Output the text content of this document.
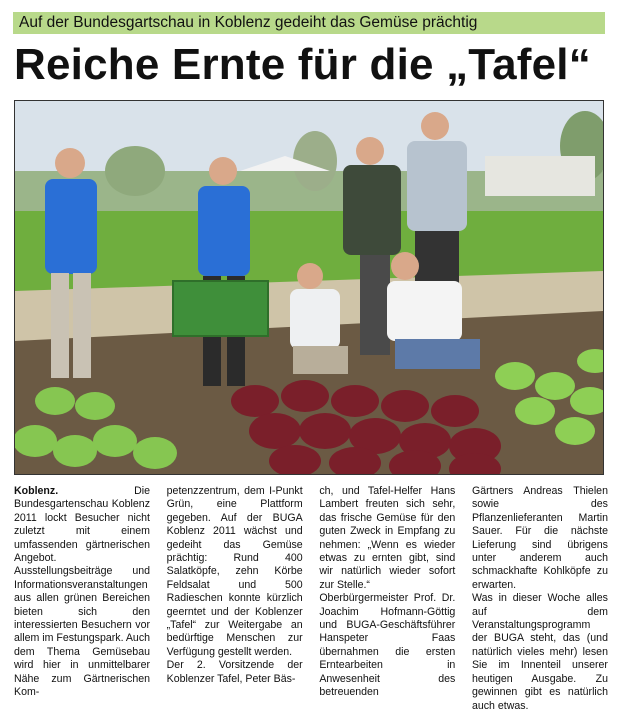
Auf der Bundesgartschau in Koblenz gedeiht das Gemüse prächtig
Reiche Ernte für die „Tafel“

Koblenz. Die Bundesgartenschau Koblenz 2011 lockt Besucher nicht zuletzt mit einem umfassenden gärtnerischen Angebot. Ausstellungsbeiträge und Informationsveranstaltungen aus allen grünen Bereichen bieten sich den interessierten Besuchern vor allem im Festungspark. Auch dem Thema Gemüsebau wird hier in unmittelbarer Nähe zum Gärtnerischen Kom-

petenzzentrum, dem I-Punkt Grün, eine Plattform gegeben. Auf der BUGA Koblenz 2011 wächst und gedeiht das Gemüse prächtig: Rund 400 Salatköpfe, zehn Körbe Feldsalat und 500 Radieschen konnte kürzlich geerntet und der Koblenzer „Tafel“ zur Weitergabe an bedürftige Menschen zur Verfügung gestellt werden.

Der 2. Vorsitzende der Koblenzer Tafel, Peter Bäs-

ch, und Tafel-Helfer Hans Lambert freuten sich sehr, das frische Gemüse für den guten Zweck in Empfang zu nehmen: „Wenn es wieder etwas zu ernten gibt, sind wir natürlich wieder sofort zur Stelle.“

Oberbürgermeister Prof. Dr. Joachim Hofmann-Göttig und BUGA-Geschäftsführer Hanspeter Faas übernahmen die ersten Erntearbeiten in Anwesenheit des betreuenden

Gärtners Andreas Thielen sowie des Pflanzenlieferanten Martin Sauer. Für die nächste Lieferung sind übrigens unter anderem auch schmackhafte Kohlköpfe zu erwarten.

Was in dieser Woche alles auf dem Veranstaltungsprogramm der BUGA steht, das (und natürlich vieles mehr) lesen Sie im Innenteil unserer heutigen Ausgabe. Zu gewinnen gibt es natürlich auch etwas.
